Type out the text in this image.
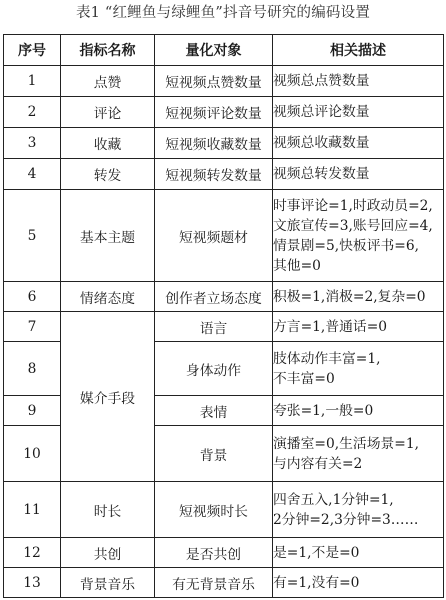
表1 “红鲤鱼与绿鲤鱼”抖音号研究的编码设置
序号	指标名称	量化对象	相关描述
1	点赞	短视频点赞数量	视频总点赞数量

2	评论	短视频评论数量	视频总评论数量

3	收藏	短视频收藏数量	视频总收藏数量

4	转发	短视频转发数量	视频总转发数量

5	基本主题	短视频题材	时事评论=1,时政动员=2,
文旅宣传=3,账号回应=4,
情景剧=5,快板评书=6,
其他=0

6	情绪态度	创作者立场态度	积极=1,消极=2,复杂=0

7	媒介手段	语言	方言=1,普通话=0

8		身体动作	肢体动作丰富=1,
不丰富=0

9		表情	夸张=1,一般=0

10		背景	演播室=0,生活场景=1,
与内容有关=2

11	时长	短视频时长	四舍五入,1分钟=1,
2分钟=2,3分钟=3……

12	共创	是否共创	是=1,不是=0

13	背景音乐	有无背景音乐	有=1,没有=0
